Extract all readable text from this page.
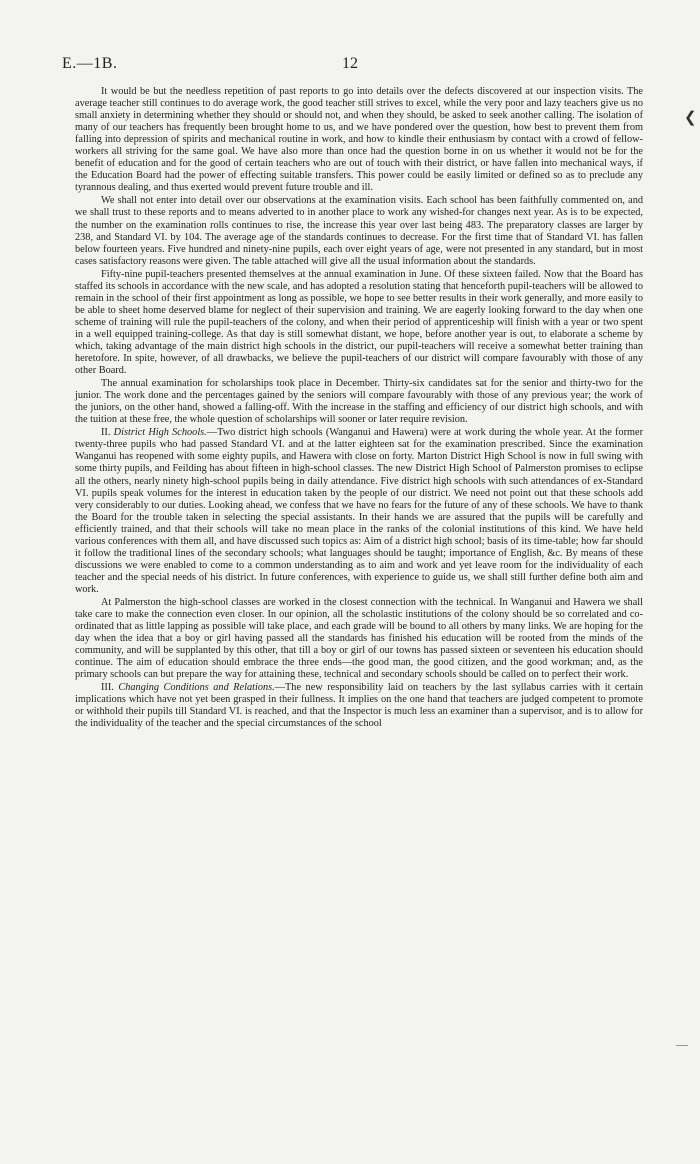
E.—1B.	12
❮

It would be but the needless repetition of past reports to go into details over the defects discovered at our inspection visits. The average teacher still continues to do average work, the good teacher still strives to excel, while the very poor and lazy teachers give us no small anxiety in determining whether they should or should not, and when they should, be asked to seek another calling. The isolation of many of our teachers has frequently been brought home to us, and we have pondered over the question, how best to prevent them from falling into depression of spirits and mechanical routine in work, and how to kindle their enthusiasm by contact with a crowd of fellow-workers all striving for the same goal. We have also more than once had the question borne in on us whether it would not be for the benefit of education and for the good of certain teachers who are out of touch with their district, or have fallen into mechanical ways, if the Education Board had the power of effecting suitable transfers. This power could be easily limited or defined so as to preclude any tyrannous dealing, and thus exerted would prevent future trouble and ill.

We shall not enter into detail over our observations at the examination visits. Each school has been faithfully commented on, and we shall trust to these reports and to means adverted to in another place to work any wished-for changes next year. As is to be expected, the number on the examination rolls continues to rise, the increase this year over last being 483. The preparatory classes are larger by 238, and Standard VI. by 104. The average age of the standards continues to decrease. For the first time that of Standard VI. has fallen below fourteen years. Five hundred and ninety-nine pupils, each over eight years of age, were not presented in any standard, but in most cases satisfactory reasons were given. The table attached will give all the usual information about the standards.

Fifty-nine pupil-teachers presented themselves at the annual examination in June. Of these sixteen failed. Now that the Board has staffed its schools in accordance with the new scale, and has adopted a resolution stating that henceforth pupil-teachers will be allowed to remain in the school of their first appointment as long as possible, we hope to see better results in their work generally, and more easily to be able to sheet home deserved blame for neglect of their supervision and training. We are eagerly looking forward to the day when one scheme of training will rule the pupil-teachers of the colony, and when their period of apprenticeship will finish with a year or two spent in a well equipped training-college. As that day is still somewhat distant, we hope, before another year is out, to elaborate a scheme by which, taking advantage of the main district high schools in the district, our pupil-teachers will receive a somewhat better training than heretofore. In spite, however, of all drawbacks, we believe the pupil-teachers of our district will compare favourably with those of any other Board.

The annual examination for scholarships took place in December. Thirty-six candidates sat for the senior and thirty-two for the junior. The work done and the percentages gained by the seniors will compare favourably with those of any previous year; the work of the juniors, on the other hand, showed a falling-off. With the increase in the staffing and efficiency of our district high schools, and with the tuition at these free, the whole question of scholarships will sooner or later require revision.

II. District High Schools.—Two district high schools (Wanganui and Hawera) were at work during the whole year. At the former twenty-three pupils who had passed Standard VI. and at the latter eighteen sat for the examination prescribed. Since the examination Wanganui has reopened with some eighty pupils, and Hawera with close on forty. Marton District High School is now in full swing with some thirty pupils, and Feilding has about fifteen in high-school classes. The new District High School of Palmerston promises to eclipse all the others, nearly ninety high-school pupils being in daily attendance. Five district high schools with such attendances of ex-Standard VI. pupils speak volumes for the interest in education taken by the people of our district. We need not point out that these schools add very considerably to our duties. Looking ahead, we confess that we have no fears for the future of any of these schools. We have to thank the Board for the trouble taken in selecting the special assistants. In their hands we are assured that the pupils will be carefully and efficiently trained, and that their schools will take no mean place in the ranks of the colonial institutions of this kind. We have held various conferences with them all, and have discussed such topics as: Aim of a district high school; basis of its time-table; how far should it follow the traditional lines of the secondary schools; what languages should be taught; importance of English, &c. By means of these discussions we were enabled to come to a common understanding as to aim and work and yet leave room for the individuality of each teacher and the special needs of his district. In future conferences, with experience to guide us, we shall still further define both aim and work.

At Palmerston the high-school classes are worked in the closest connection with the technical. In Wanganui and Hawera we shall take care to make the connection even closer. In our opinion, all the scholastic institutions of the colony should be so correlated and co-ordinated that as little lapping as possible will take place, and each grade will be bound to all others by many links. We are hoping for the day when the idea that a boy or girl having passed all the standards has finished his education will be rooted from the minds of the community, and will be supplanted by this other, that till a boy or girl of our towns has passed sixteen or seventeen his education should continue. The aim of education should embrace the three ends—the good man, the good citizen, and the good workman; and, as the primary schools can but prepare the way for attaining these, technical and secondary schools should be called on to perfect their work.

III. Changing Conditions and Relations.—The new responsibility laid on teachers by the last syllabus carries with it certain implications which have not yet been grasped in their fullness. It implies on the one hand that teachers are judged competent to promote or withhold their pupils till Standard VI. is reached, and that the Inspector is much less an examiner than a supervisor, and is to allow for the individuality of the teacher and the special circumstances of the school

—
